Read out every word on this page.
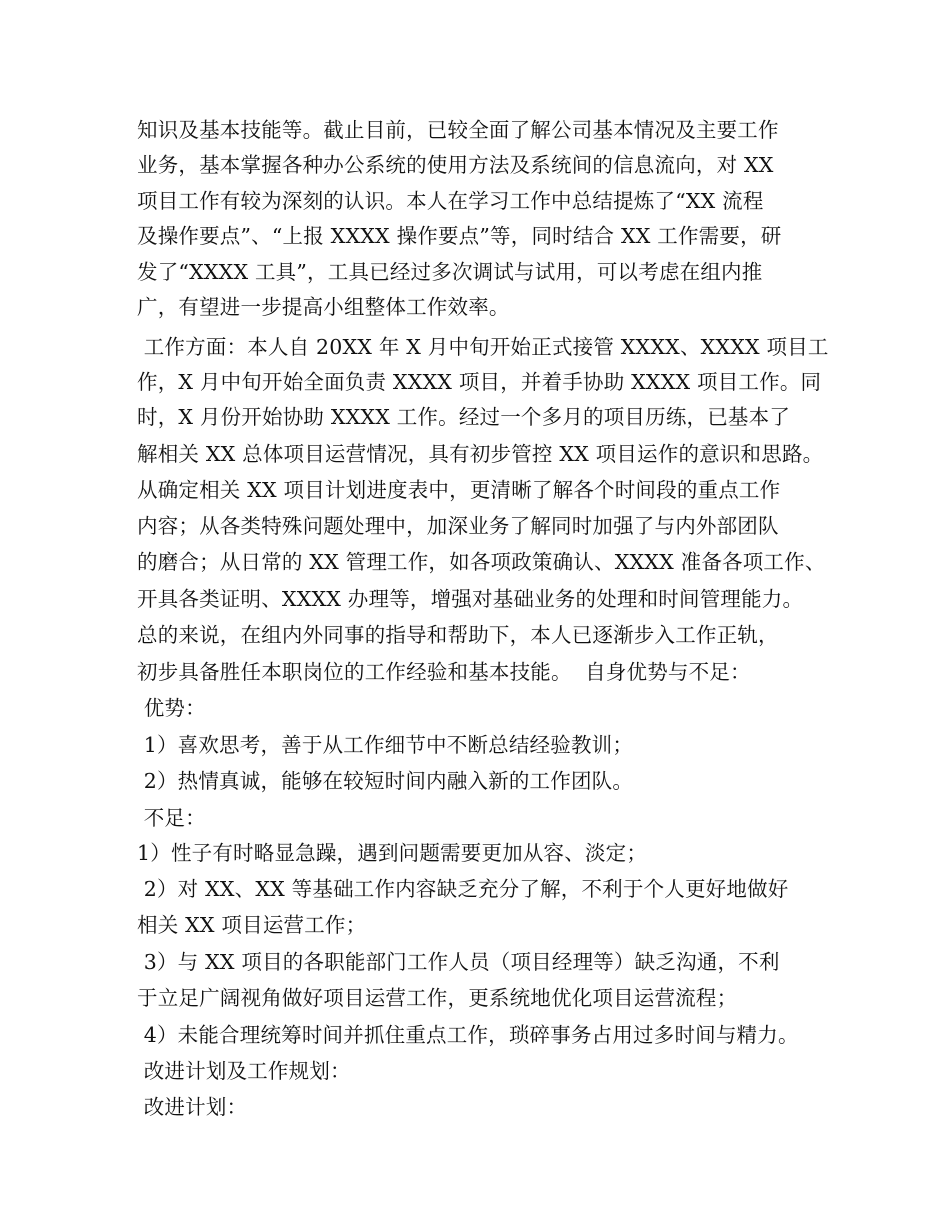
知识及基本技能等。截止目前，已较全面了解公司基本情况及主要工作
业务，基本掌握各种办公系统的使用方法及系统间的信息流向，对 XX
项目工作有较为深刻的认识。本人在学习工作中总结提炼了“XX 流程
及操作要点”、“上报 XXXX 操作要点”等，同时结合 XX 工作需要，研
发了“XXXX 工具”，工具已经过多次调试与试用，可以考虑在组内推
广，有望进一步提高小组整体工作效率。
工作方面：本人自 20XX 年 X 月中旬开始正式接管 XXXX、XXXX 项目工
作，X 月中旬开始全面负责 XXXX 项目，并着手协助 XXXX 项目工作。同
时，X 月份开始协助 XXXX 工作。经过一个多月的项目历练，已基本了
解相关 XX 总体项目运营情况，具有初步管控 XX 项目运作的意识和思路。
从确定相关 XX 项目计划进度表中，更清晰了解各个时间段的重点工作
内容；从各类特殊问题处理中，加深业务了解同时加强了与内外部团队
的磨合；从日常的 XX 管理工作，如各项政策确认、XXXX 准备各项工作、
开具各类证明、XXXX 办理等，增强对基础业务的处理和时间管理能力。
总的来说，在组内外同事的指导和帮助下，本人已逐渐步入工作正轨，
初步具备胜任本职岗位的工作经验和基本技能。  自身优势与不足：
优势：
1）喜欢思考，善于从工作细节中不断总结经验教训；
2）热情真诚，能够在较短时间内融入新的工作团队。
不足：
1）性子有时略显急躁，遇到问题需要更加从容、淡定；
2）对 XX、XX 等基础工作内容缺乏充分了解，不利于个人更好地做好
相关 XX 项目运营工作；
3）与 XX 项目的各职能部门工作人员（项目经理等）缺乏沟通，不利
于立足广阔视角做好项目运营工作，更系统地优化项目运营流程；
4）未能合理统筹时间并抓住重点工作，琐碎事务占用过多时间与精力。
改进计划及工作规划：
改进计划：
